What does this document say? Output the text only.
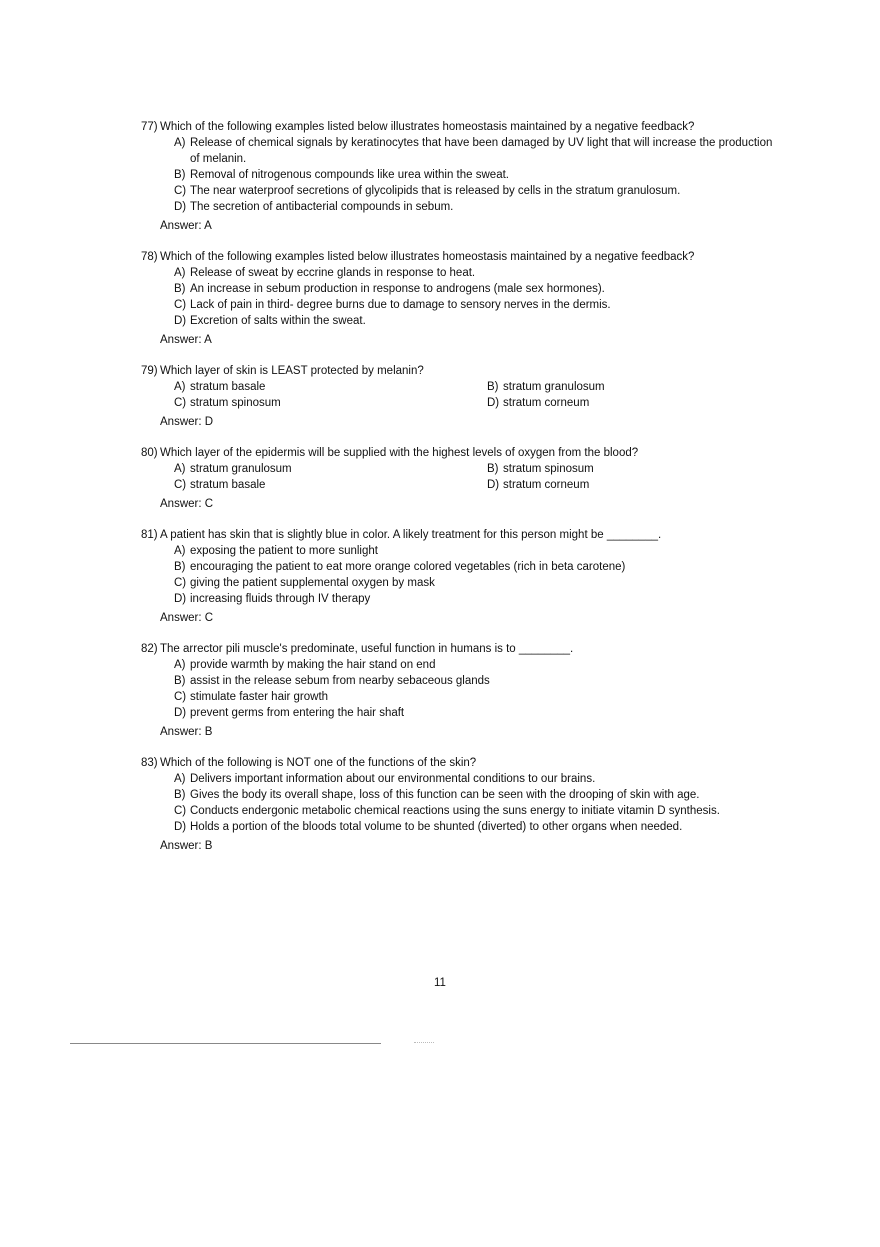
77) Which of the following examples listed below illustrates homeostasis maintained by a negative feedback?
A) Release of chemical signals by keratinocytes that have been damaged by UV light that will increase the production of melanin.
B) Removal of nitrogenous compounds like urea within the sweat.
C) The near waterproof secretions of glycolipids that is released by cells in the stratum granulosum.
D) The secretion of antibacterial compounds in sebum.
Answer: A
78) Which of the following examples listed below illustrates homeostasis maintained by a negative feedback?
A) Release of sweat by eccrine glands in response to heat.
B) An increase in sebum production in response to androgens (male sex hormones).
C) Lack of pain in third- degree burns due to damage to sensory nerves in the dermis.
D) Excretion of salts within the sweat.
Answer: A
79) Which layer of skin is LEAST protected by melanin?
A) stratum basale	B) stratum granulosum
C) stratum spinosum	D) stratum corneum
Answer: D
80) Which layer of the epidermis will be supplied with the highest levels of oxygen from the blood?
A) stratum granulosum	B) stratum spinosum
C) stratum basale	D) stratum corneum
Answer: C
81) A patient has skin that is slightly blue in color. A likely treatment for this person might be ________.
A) exposing the patient to more sunlight
B) encouraging the patient to eat more orange colored vegetables (rich in beta carotene)
C) giving the patient supplemental oxygen by mask
D) increasing fluids through IV therapy
Answer: C
82) The arrector pili muscle's predominate, useful function in humans is to ________.
A) provide warmth by making the hair stand on end
B) assist in the release sebum from nearby sebaceous glands
C) stimulate faster hair growth
D) prevent germs from entering the hair shaft
Answer: B
83) Which of the following is NOT one of the functions of the skin?
A) Delivers important information about our environmental conditions to our brains.
B) Gives the body its overall shape, loss of this function can be seen with the drooping of skin with age.
C) Conducts endergonic metabolic chemical reactions using the suns energy to initiate vitamin D synthesis.
D) Holds a portion of the bloods total volume to be shunted (diverted) to other organs when needed.
Answer: B
11
